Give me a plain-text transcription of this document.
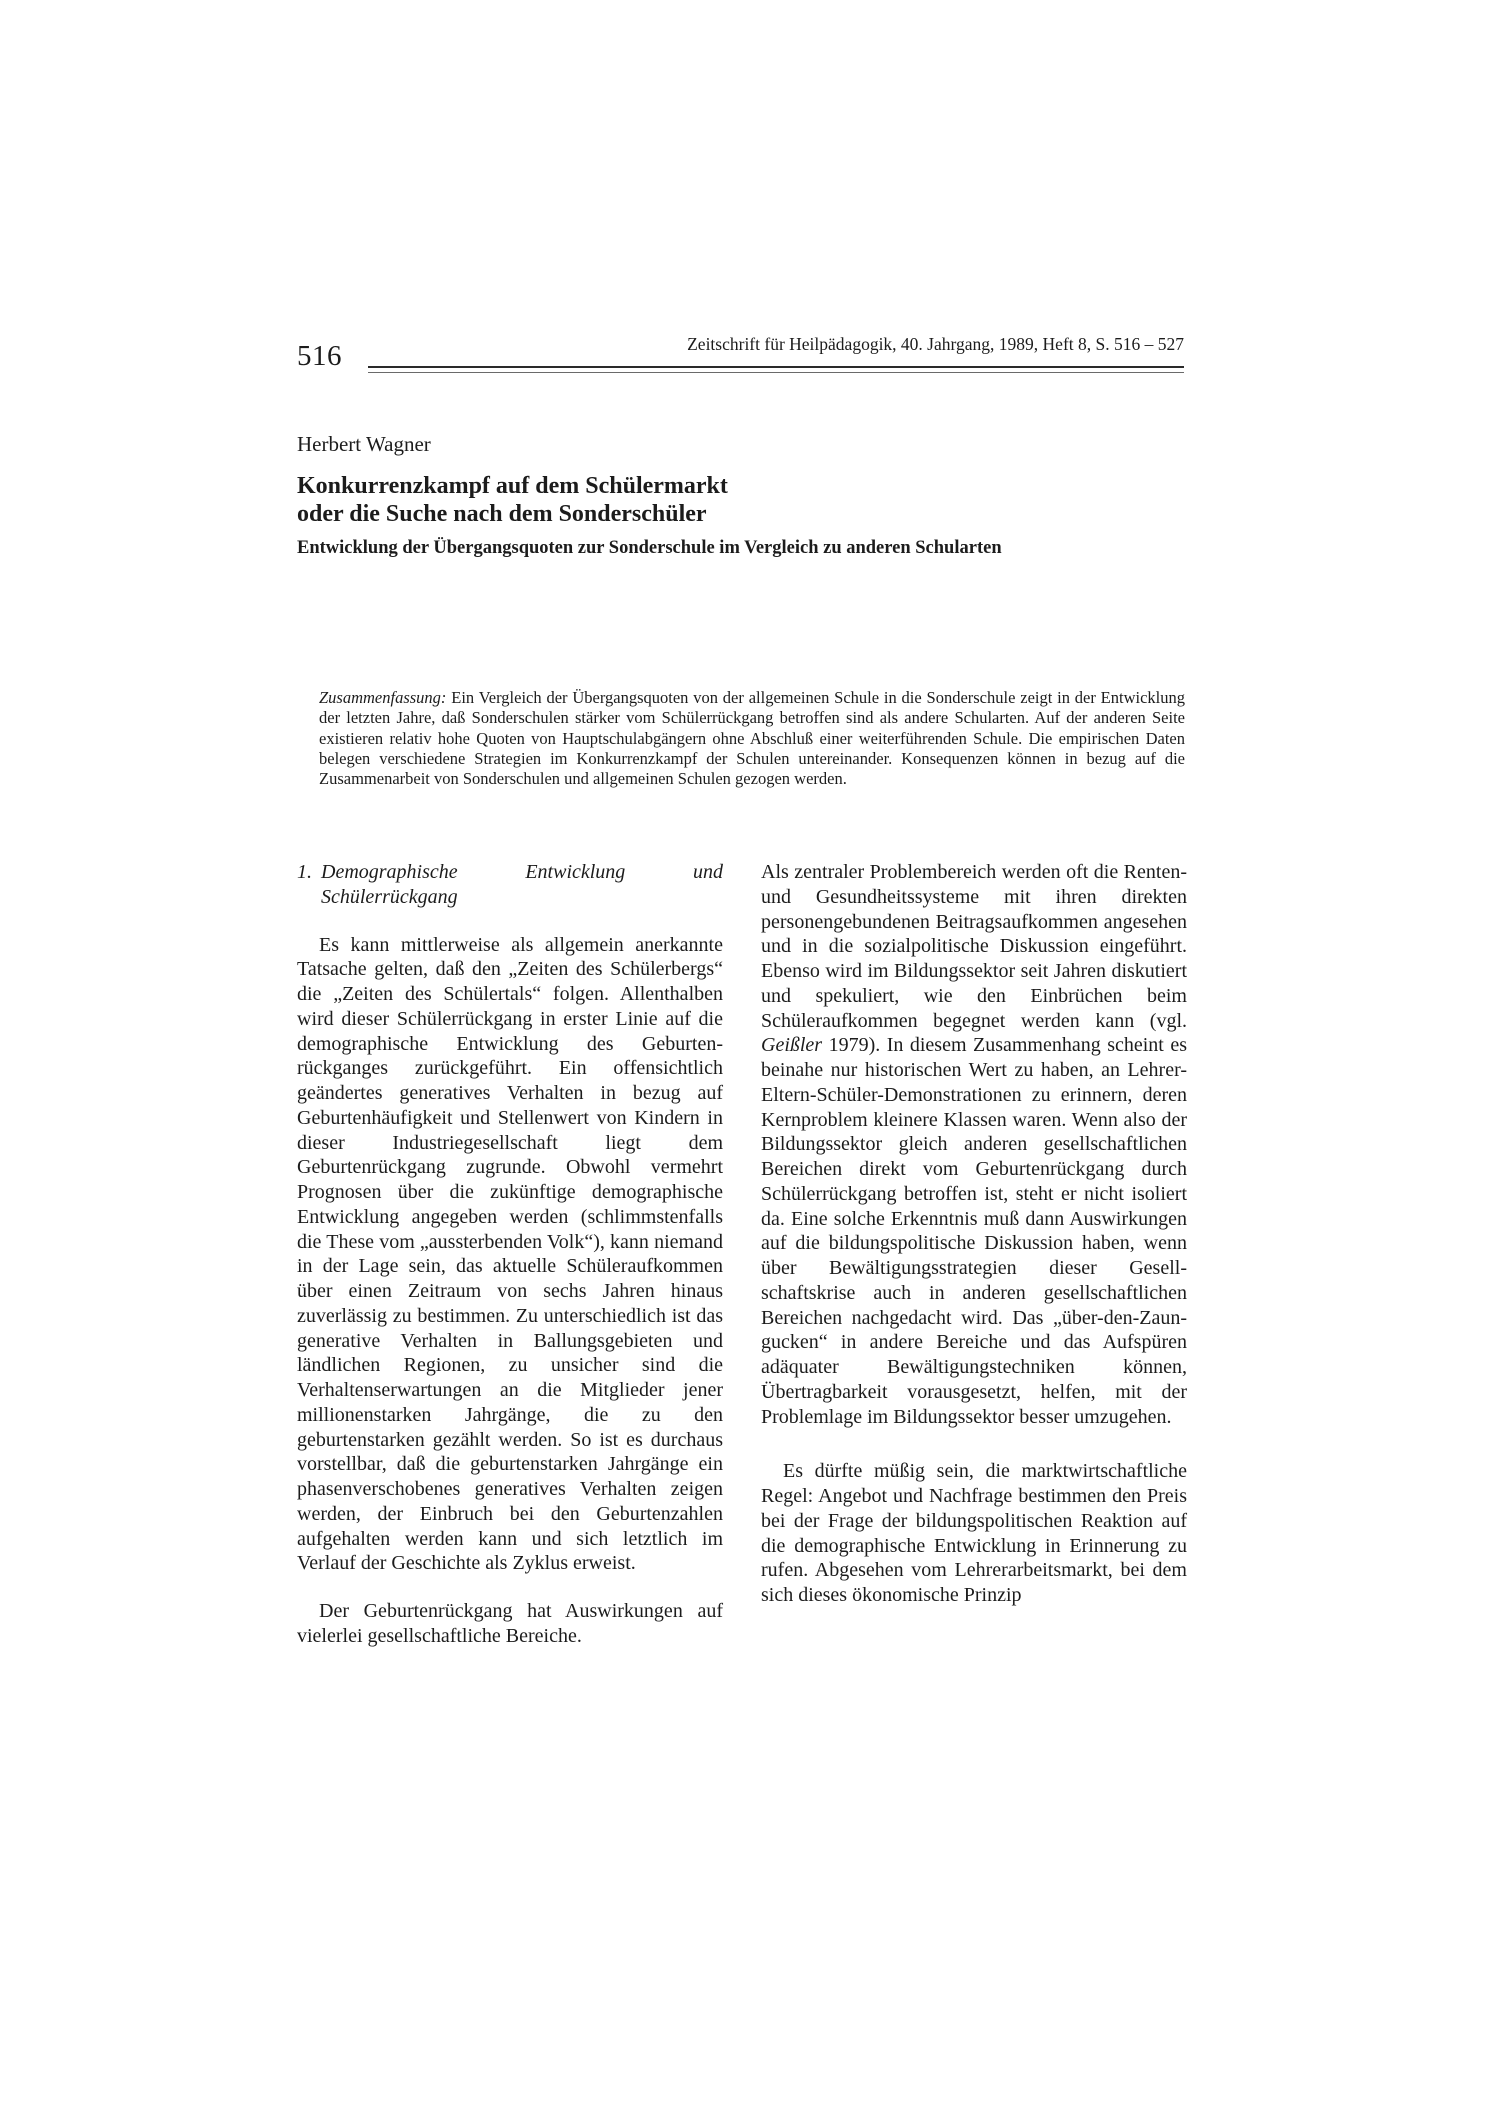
516	Zeitschrift für Heilpädagogik, 40. Jahrgang, 1989, Heft 8, S. 516 – 527
Herbert Wagner
Konkurrenzkampf auf dem Schülermarkt
oder die Suche nach dem Sonderschüler
Entwicklung der Übergangsquoten zur Sonderschule im Vergleich zu anderen Schularten
Zusammenfassung: Ein Vergleich der Übergangsquoten von der allgemeinen Schule in die Sonderschule zeigt in der Entwicklung der letzten Jahre, daß Sonderschulen stärker vom Schülerrückgang betroffen sind als andere Schularten. Auf der anderen Seite existieren relativ hohe Quoten von Hauptschulabgängern ohne Abschluß einer weiterführenden Schule. Die empirischen Daten belegen verschiedene Strategien im Konkurrenzkampf der Schulen untereinander. Konsequenzen können in bezug auf die Zusammenarbeit von Sonderschulen und allgemeinen Schulen gezogen werden.
1. Demographische Entwicklung und Schülerrückgang

Es kann mittlerweise als allgemein anerkannte Tatsache gelten, daß den „Zeiten des Schülerbergs“ die „Zeiten des Schülertals“ folgen. Allenthalben wird dieser Schülerrückgang in erster Linie auf die demographische Entwicklung des Geburtenrückganges zurückgeführt. Ein offensichtlich geändertes generatives Verhalten in bezug auf Geburtenhäufigkeit und Stellenwert von Kindern in dieser Industriegesellschaft liegt dem Geburtenrückgang zugrunde. Obwohl vermehrt Prognosen über die zukünftige demographische Entwicklung angegeben werden (schlimmstenfalls die These vom „aussterbenden Volk“), kann niemand in der Lage sein, das aktuelle Schüleraufkommen über einen Zeitraum von sechs Jahren hinaus zuverlässig zu bestimmen. Zu unterschiedlich ist das generative Verhalten in Ballungsgebieten und ländlichen Regionen, zu unsicher sind die Verhaltenserwartungen an die Mitglieder jener millionenstarken Jahrgänge, die zu den geburtenstarken gezählt werden. So ist es durchaus vorstellbar, daß die geburtenstarken Jahrgänge ein phasenverschobenes generatives Verhalten zeigen werden, der Einbruch bei den Geburtenzahlen aufgehalten werden kann und sich letztlich im Verlauf der Geschichte als Zyklus erweist.

Der Geburtenrückgang hat Auswirkungen auf vielerlei gesellschaftliche Bereiche.

Als zentraler Problembereich werden oft die Renten- und Gesundheitssysteme mit ihren direkten personengebundenen Beitragsaufkommen angesehen und in die sozialpolitische Diskussion eingeführt. Ebenso wird im Bildungssektor seit Jahren diskutiert und spekuliert, wie den Einbrüchen beim Schüleraufkommen begegnet werden kann (vgl. Geißler 1979). In diesem Zusammenhang scheint es beinahe nur historischen Wert zu haben, an Lehrer-Eltern-Schüler-Demonstrationen zu erinnern, deren Kernproblem kleinere Klassen waren. Wenn also der Bildungssektor gleich anderen gesellschaftlichen Bereichen direkt vom Geburtenrückgang durch Schülerrückgang betroffen ist, steht er nicht isoliert da. Eine solche Erkenntnis muß dann Auswirkungen auf die bildungspolitische Diskussion haben, wenn über Bewältigungsstrategien dieser Gesellschaftskrise auch in anderen gesellschaftlichen Bereichen nachgedacht wird. Das „über-den-Zaun-gucken“ in andere Bereiche und das Aufspüren adäquater Bewältigungstechniken können, Übertragbarkeit vorausgesetzt, helfen, mit der Problemlage im Bildungssektor besser umzugehen.

Es dürfte müßig sein, die marktwirtschaftliche Regel: Angebot und Nachfrage bestimmen den Preis bei der Frage der bildungspolitischen Reaktion auf die demographische Entwicklung in Erinnerung zu rufen. Abgesehen vom Lehrerarbeitsmarkt, bei dem sich dieses ökonomische Prinzip
